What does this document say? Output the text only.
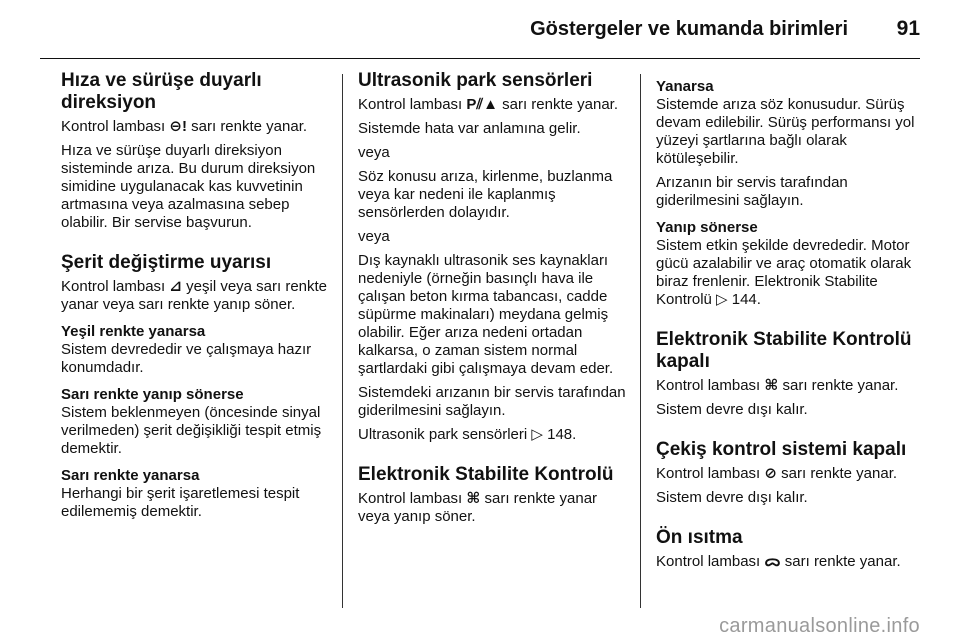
Göstergeler ve kumanda birimleri 91
Hıza ve sürüşe duyarlı direksiyon

Kontrol lambası ⊖! sarı renkte yanar.

Hıza ve sürüşe duyarlı direksiyon sisteminde arıza. Bu durum direksiyon simidine uygulanacak kas kuvvetinin artmasına veya azalmasına sebep olabilir. Bir servise başvurun.

Şerit değiştirme uyarısı

Kontrol lambası ⊿ yeşil veya sarı renkte yanar veya sarı renkte yanıp söner.

Yeşil renkte yanarsa

Sistem devrededir ve çalışmaya hazır konumdadır.

Sarı renkte yanıp sönerse

Sistem beklenmeyen (öncesinde sinyal verilmeden) şerit değişikliği tespit etmiş demektir.

Sarı renkte yanarsa

Herhangi bir şerit işaretlemesi tespit edilememiş demektir.

Ultrasonik park sensörleri

Kontrol lambası P⫽▲ sarı renkte yanar.

Sistemde hata var anlamına gelir.

veya

Söz konusu arıza, kirlenme, buzlanma veya kar nedeni ile kaplanmış sensörlerden dolayıdır.

veya

Dış kaynaklı ultrasonik ses kaynakları nedeniyle (örneğin basınçlı hava ile çalışan beton kırma tabancası, cadde süpürme makinaları) meydana gelmiş olabilir. Eğer arıza nedeni ortadan kalkarsa, o zaman sistem normal şartlardaki gibi çalışmaya devam eder.

Sistemdeki arızanın bir servis tarafından giderilmesini sağlayın.

Ultrasonik park sensörleri ▷ 148.

Elektronik Stabilite Kontrolü

Kontrol lambası ⌘ sarı renkte yanar veya yanıp söner.

Yanarsa

Sistemde arıza söz konusudur. Sürüş devam edilebilir. Sürüş performansı yol yüzeyi şartlarına bağlı olarak kötüleşebilir.

Arızanın bir servis tarafından giderilmesini sağlayın.

Yanıp sönerse

Sistem etkin şekilde devrededir. Motor gücü azalabilir ve araç otomatik olarak biraz frenlenir. Elektronik Stabilite Kontrolü ▷ 144.

Elektronik Stabilite Kontrolü kapalı

Kontrol lambası ⌘ sarı renkte yanar.

Sistem devre dışı kalır.

Çekiş kontrol sistemi kapalı

Kontrol lambası ⊘ sarı renkte yanar.

Sistem devre dışı kalır.

Ön ısıtma

Kontrol lambası ᯅ sarı renkte yanar.

carmanualsonline.info
